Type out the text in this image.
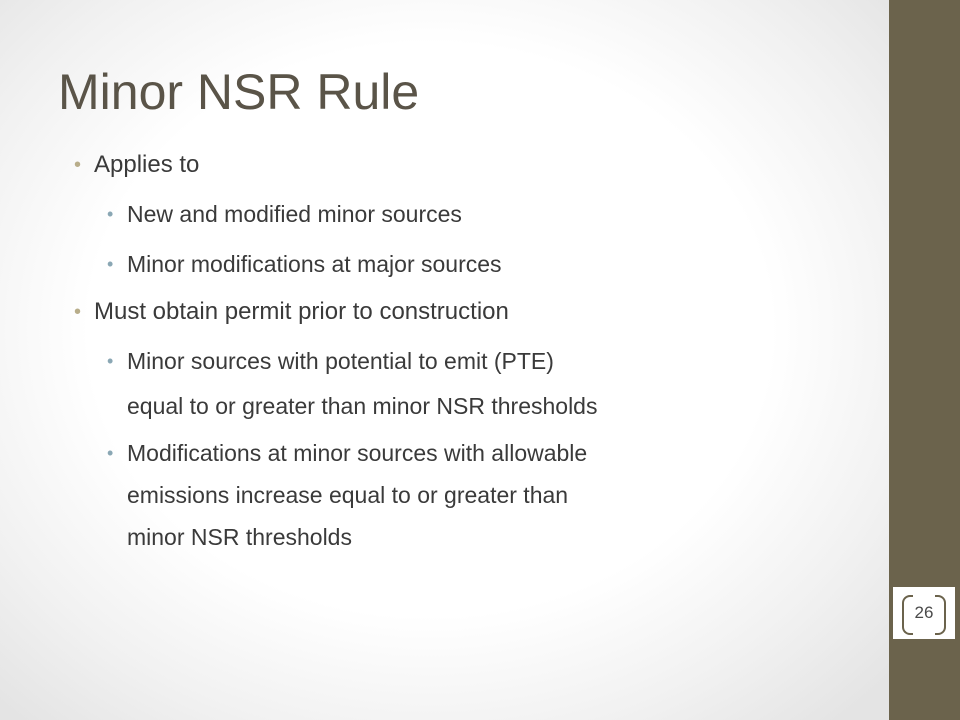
Minor NSR Rule
• Applies to

• New and modified minor sources

• Minor modifications at major sources

• Must obtain permit prior to construction

• Minor sources with potential to emit (PTE)

equal to or greater than minor NSR thresholds

• Modifications at minor sources with allowable

emissions increase equal to or greater than

minor NSR thresholds

26
